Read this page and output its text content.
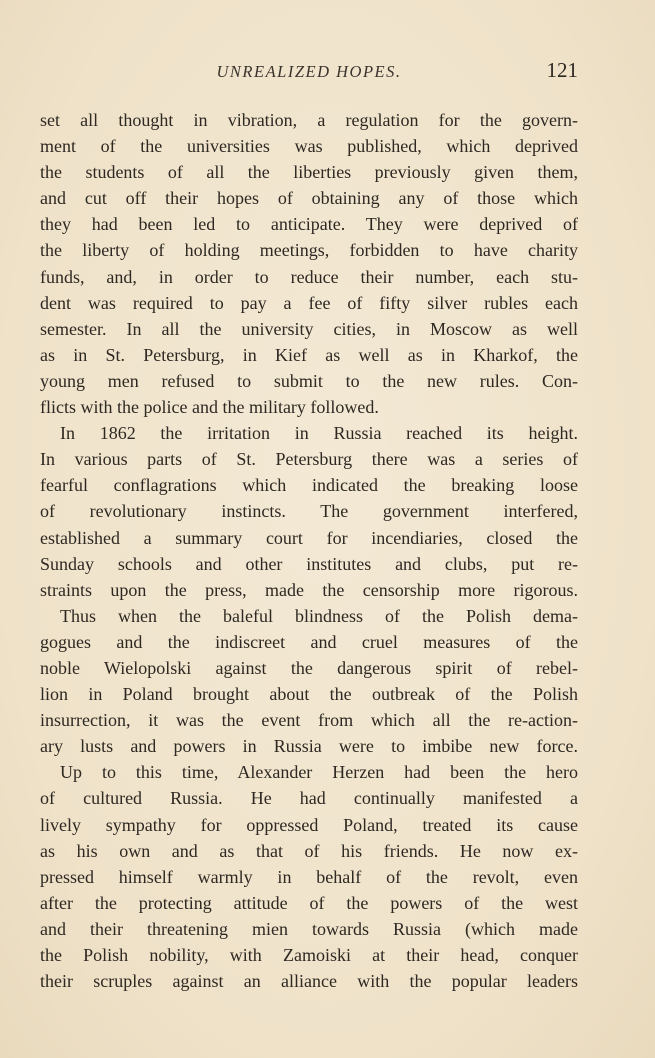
UNREALIZED HOPES.	121
set all thought in vibration, a regulation for the govern-
ment of the universities was published, which deprived
the students of all the liberties previously given them,
and cut off their hopes of obtaining any of those which
they had been led to anticipate. They were deprived of
the liberty of holding meetings, forbidden to have charity
funds, and, in order to reduce their number, each stu-
dent was required to pay a fee of fifty silver rubles each
semester. In all the university cities, in Moscow as well
as in St. Petersburg, in Kief as well as in Kharkof, the
young men refused to submit to the new rules. Con-
flicts with the police and the military followed.
In 1862 the irritation in Russia reached its height.
In various parts of St. Petersburg there was a series of
fearful conflagrations which indicated the breaking loose
of revolutionary instincts. The government interfered,
established a summary court for incendiaries, closed the
Sunday schools and other institutes and clubs, put re-
straints upon the press, made the censorship more rigorous.
Thus when the baleful blindness of the Polish dema-
gogues and the indiscreet and cruel measures of the
noble Wielopolski against the dangerous spirit of rebel-
lion in Poland brought about the outbreak of the Polish
insurrection, it was the event from which all the re-action-
ary lusts and powers in Russia were to imbibe new force.
Up to this time, Alexander Herzen had been the hero
of cultured Russia. He had continually manifested a
lively sympathy for oppressed Poland, treated its cause
as his own and as that of his friends. He now ex-
pressed himself warmly in behalf of the revolt, even
after the protecting attitude of the powers of the west
and their threatening mien towards Russia (which made
the Polish nobility, with Zamoiski at their head, conquer
their scruples against an alliance with the popular leaders
